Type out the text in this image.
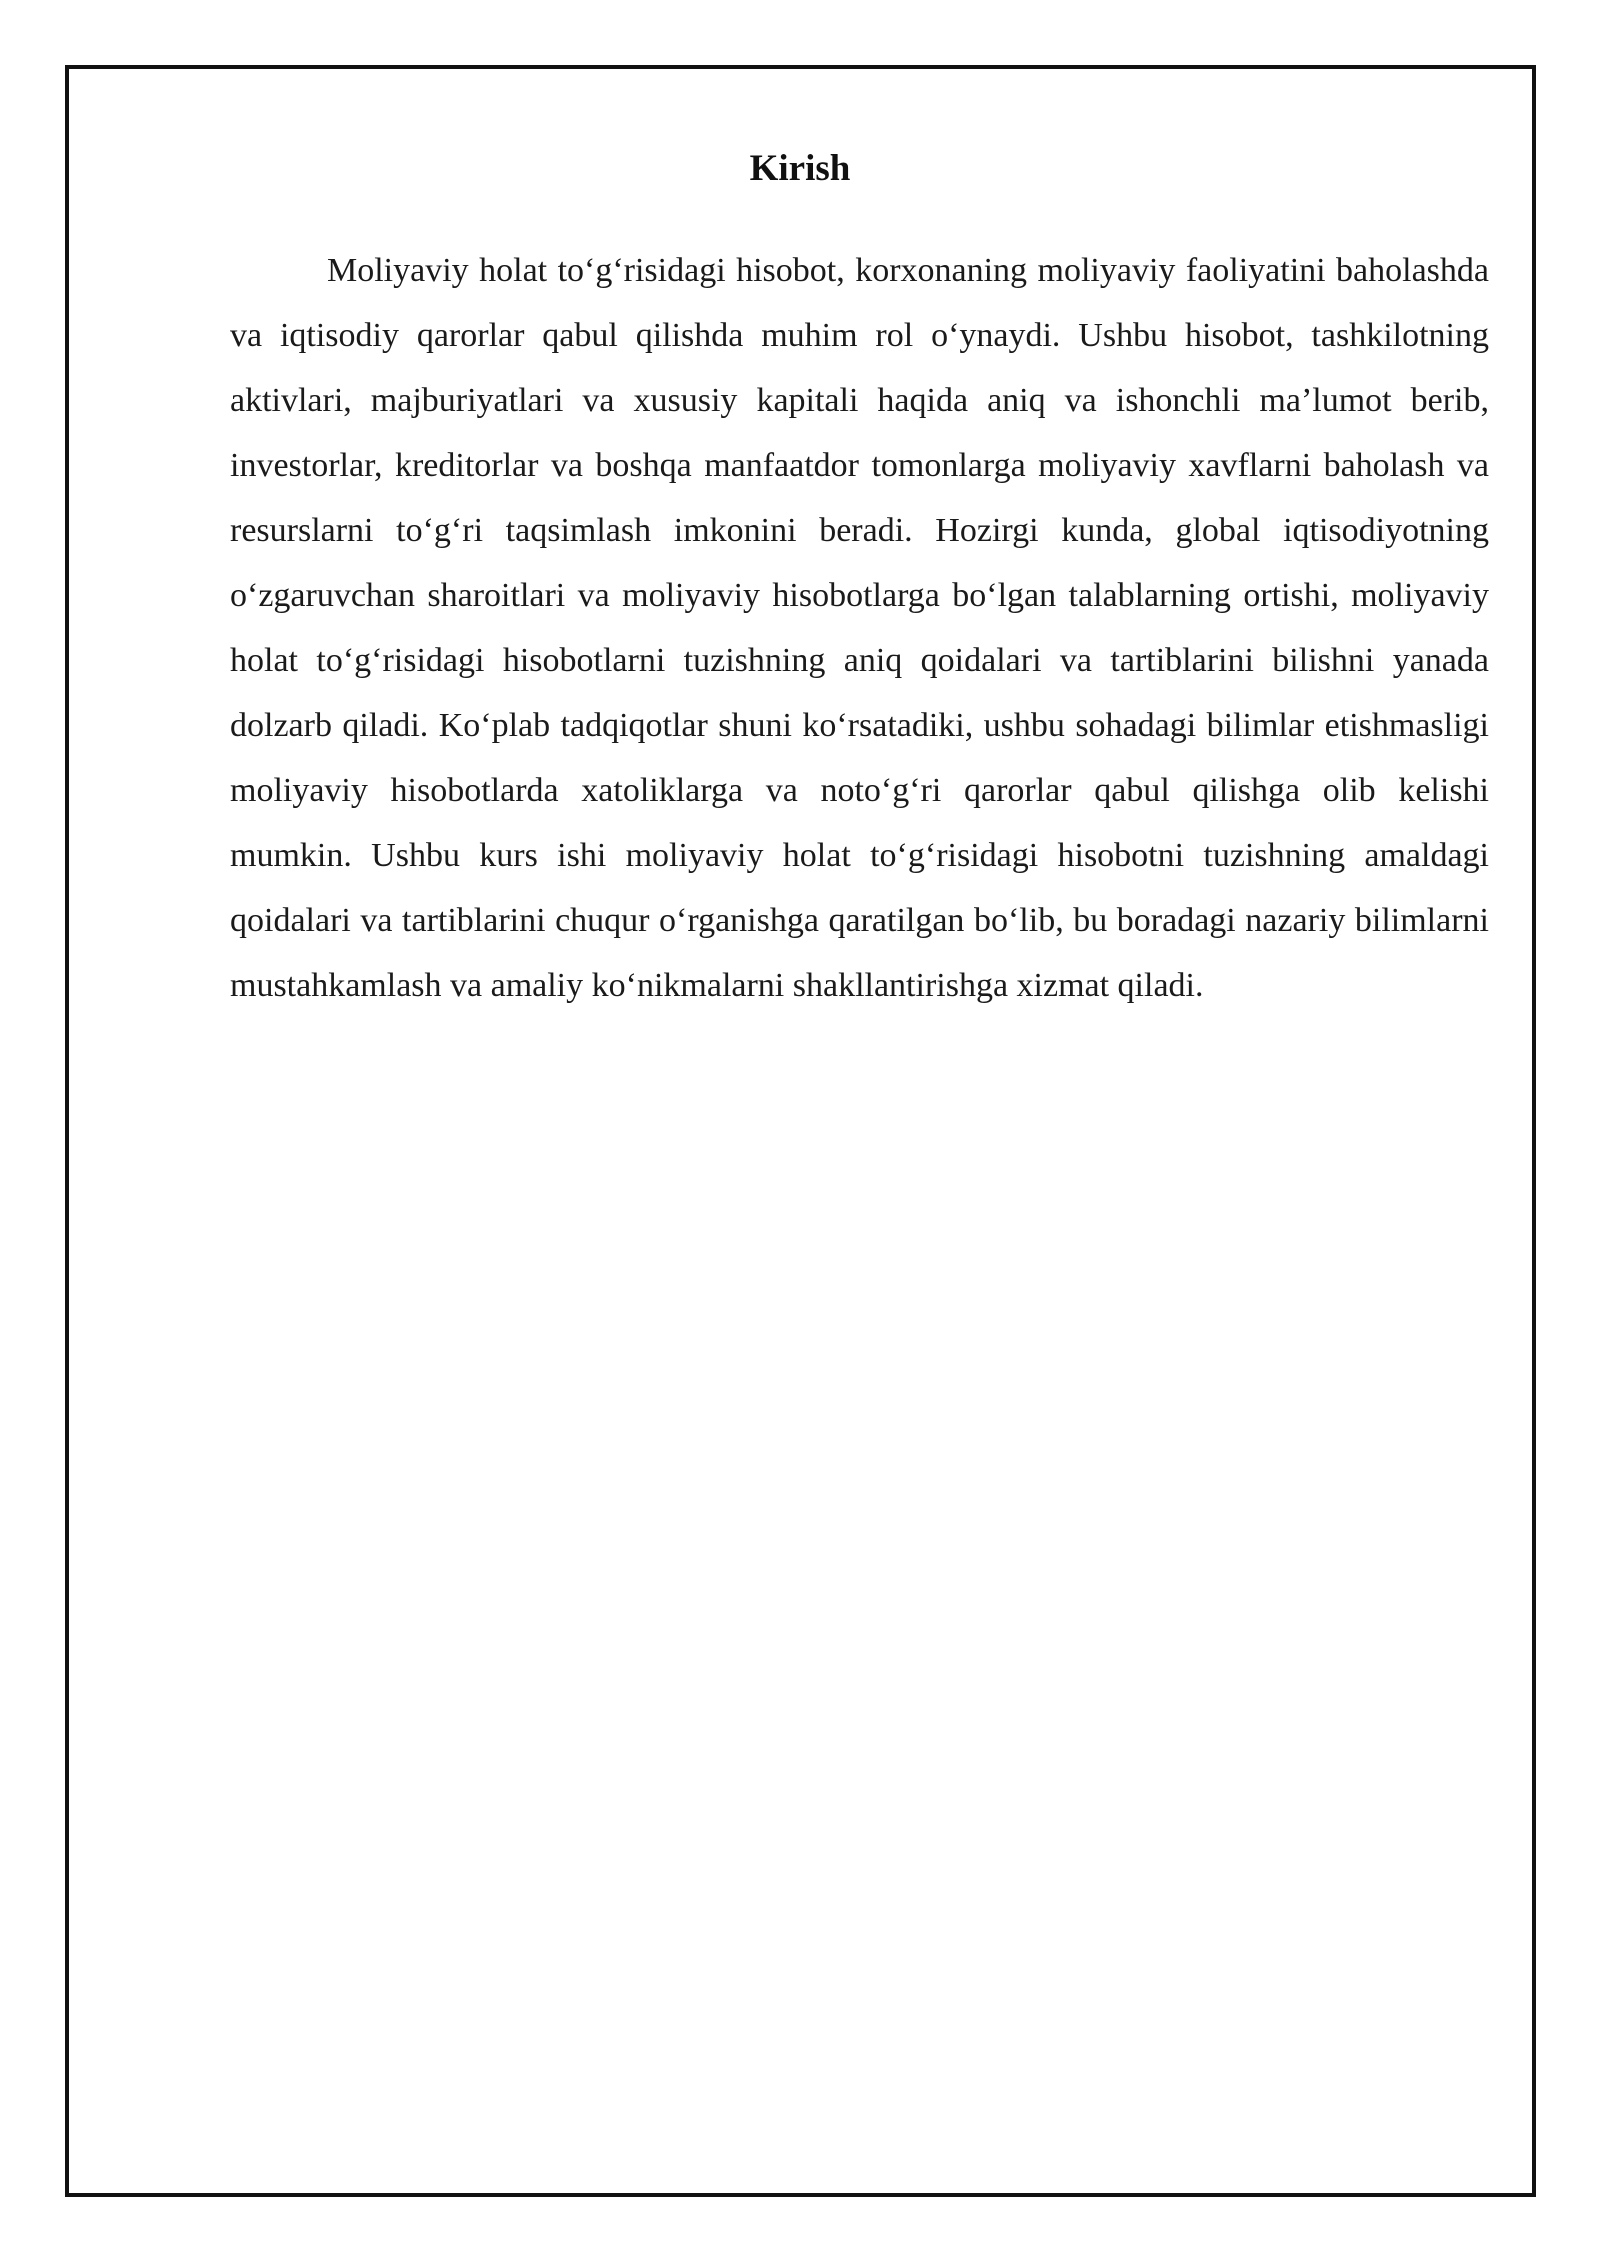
Kirish

Moliyaviy holat to‘g‘risidagi hisobot, korxonaning moliyaviy faoliyatini baholashda va iqtisodiy qarorlar qabul qilishda muhim rol o‘ynaydi. Ushbu hisobot, tashkilotning aktivlari, majburiyatlari va xususiy kapitali haqida aniq va ishonchli ma’lumot berib, investorlar, kreditorlar va boshqa manfaatdor tomonlarga moliyaviy xavflarni baholash va resurslarni to‘g‘ri taqsimlash imkonini beradi. Hozirgi kunda, global iqtisodiyotning o‘zgaruvchan sharoitlari va moliyaviy hisobotlarga bo‘lgan talablarning ortishi, moliyaviy holat to‘g‘risidagi hisobotlarni tuzishning aniq qoidalari va tartiblarini bilishni yanada dolzarb qiladi. Ko‘plab tadqiqotlar shuni ko‘rsatadiki, ushbu sohadagi bilimlar etishmasligi moliyaviy hisobotlarda xatoliklarga va noto‘g‘ri qarorlar qabul qilishga olib kelishi mumkin. Ushbu kurs ishi moliyaviy holat to‘g‘risidagi hisobotni tuzishning amaldagi qoidalari va tartiblarini chuqur o‘rganishga qaratilgan bo‘lib, bu boradagi nazariy bilimlarni mustahkamlash va amaliy ko‘nikmalarni shakllantirishga xizmat qiladi.
